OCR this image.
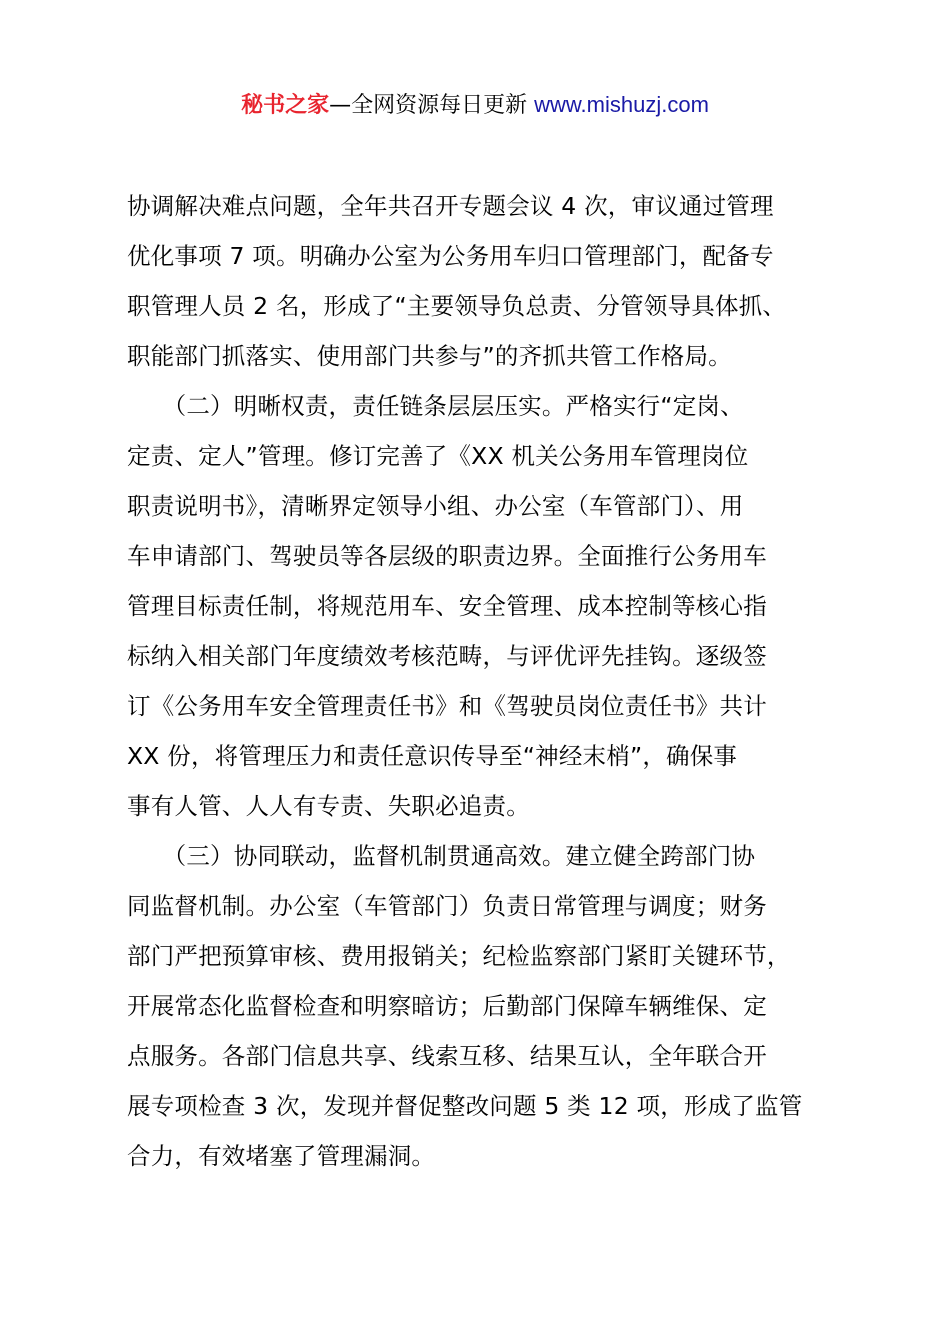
秘书之家—全网资源每日更新 www.mishuzj.com
协调解决难点问题，全年共召开专题会议 4 次，审议通过管理
优化事项 7 项。明确办公室为公务用车归口管理部门，配备专
职管理人员 2 名，形成了“主要领导负总责、分管领导具体抓、
职能部门抓落实、使用部门共参与”的齐抓共管工作格局。
　　（二）明晰权责，责任链条层层压实。严格实行“定岗、
定责、定人”管理。修订完善了《XX 机关公务用车管理岗位
职责说明书》，清晰界定领导小组、办公室（车管部门）、用
车申请部门、驾驶员等各层级的职责边界。全面推行公务用车
管理目标责任制，将规范用车、安全管理、成本控制等核心指
标纳入相关部门年度绩效考核范畴，与评优评先挂钩。逐级签
订《公务用车安全管理责任书》和《驾驶员岗位责任书》共计
XX 份，将管理压力和责任意识传导至“神经末梢”，确保事
事有人管、人人有专责、失职必追责。
　　（三）协同联动，监督机制贯通高效。建立健全跨部门协
同监督机制。办公室（车管部门）负责日常管理与调度；财务
部门严把预算审核、费用报销关；纪检监察部门紧盯关键环节，
开展常态化监督检查和明察暗访；后勤部门保障车辆维保、定
点服务。各部门信息共享、线索互移、结果互认，全年联合开
展专项检查 3 次，发现并督促整改问题 5 类 12 项，形成了监管
合力，有效堵塞了管理漏洞。
